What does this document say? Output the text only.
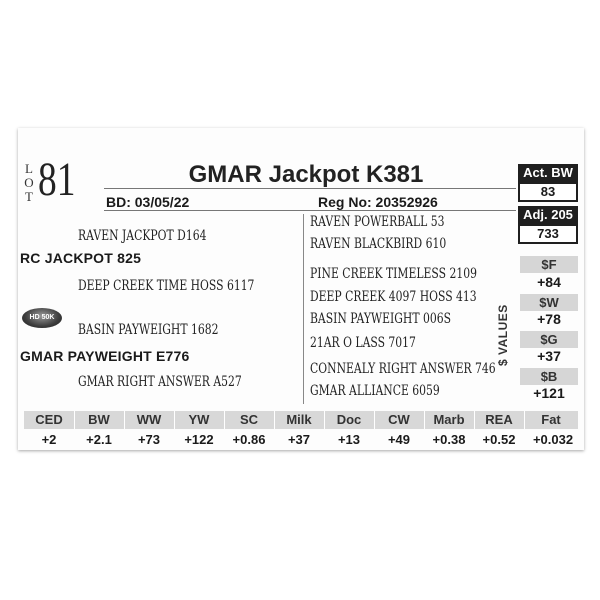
L
O
T 81	GMAR Jackpot K381
BD: 03/05/22	Reg No: 20352926
Act. BW
83
Adj. 205
733
RAVEN JACKPOT D164
RC JACKPOT 825
DEEP CREEK TIME HOSS 6117
HD 50K
BASIN PAYWEIGHT 1682
GMAR PAYWEIGHT E776
GMAR RIGHT ANSWER A527
RAVEN POWERBALL 53
RAVEN BLACKBIRD 610
PINE CREEK TIMELESS 2109
DEEP CREEK 4097 HOSS 413
BASIN PAYWEIGHT 006S
21AR O LASS 7017
CONNEALY RIGHT ANSWER 746
GMAR ALLIANCE 6059
$ VALUES
$F
+84
$W
+78
$G
+37
$B
+121
CED	BW	WW	YW	SC	Milk	Doc	CW	Marb	REA	Fat
+2	+2.1	+73	+122	+0.86	+37	+13	+49	+0.38	+0.52	+0.032
